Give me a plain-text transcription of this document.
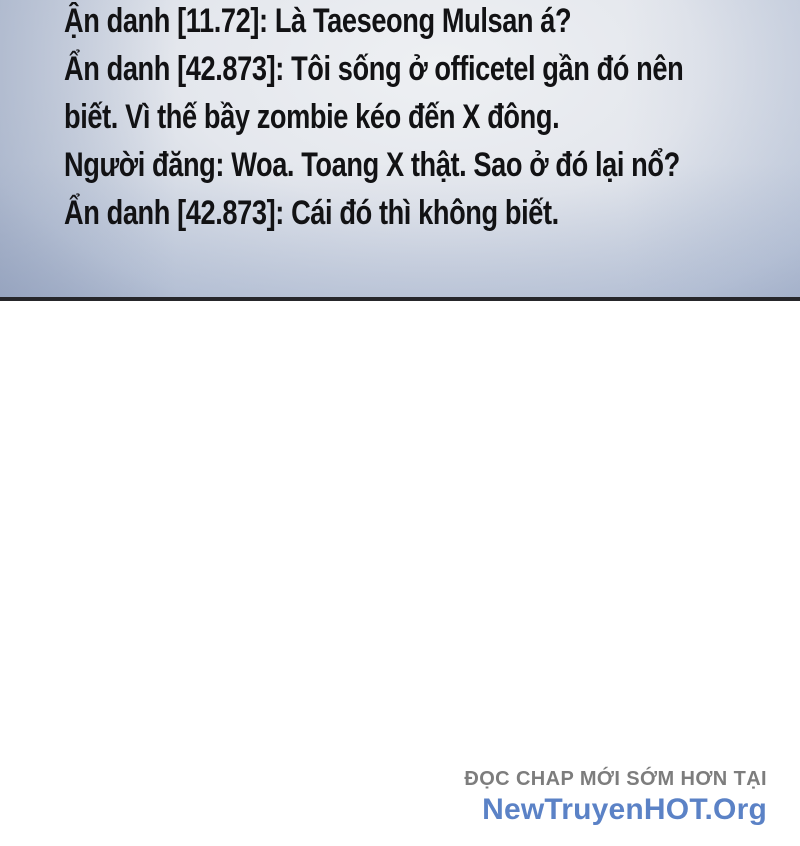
Ận danh [11.72]: Là Taeseong Mulsan á?
Ẩn danh [42.873]: Tôi sống ở officetel gần đó nên
biết. Vì thế bầy zombie kéo đến X đông.
Người đăng: Woa. Toang X thật. Sao ở đó lại nổ?
Ẩn danh [42.873]: Cái đó thì không biết.
ĐỌC CHAP MỚI SỚM HƠN TẠI
NewTruyenHOT.Org
